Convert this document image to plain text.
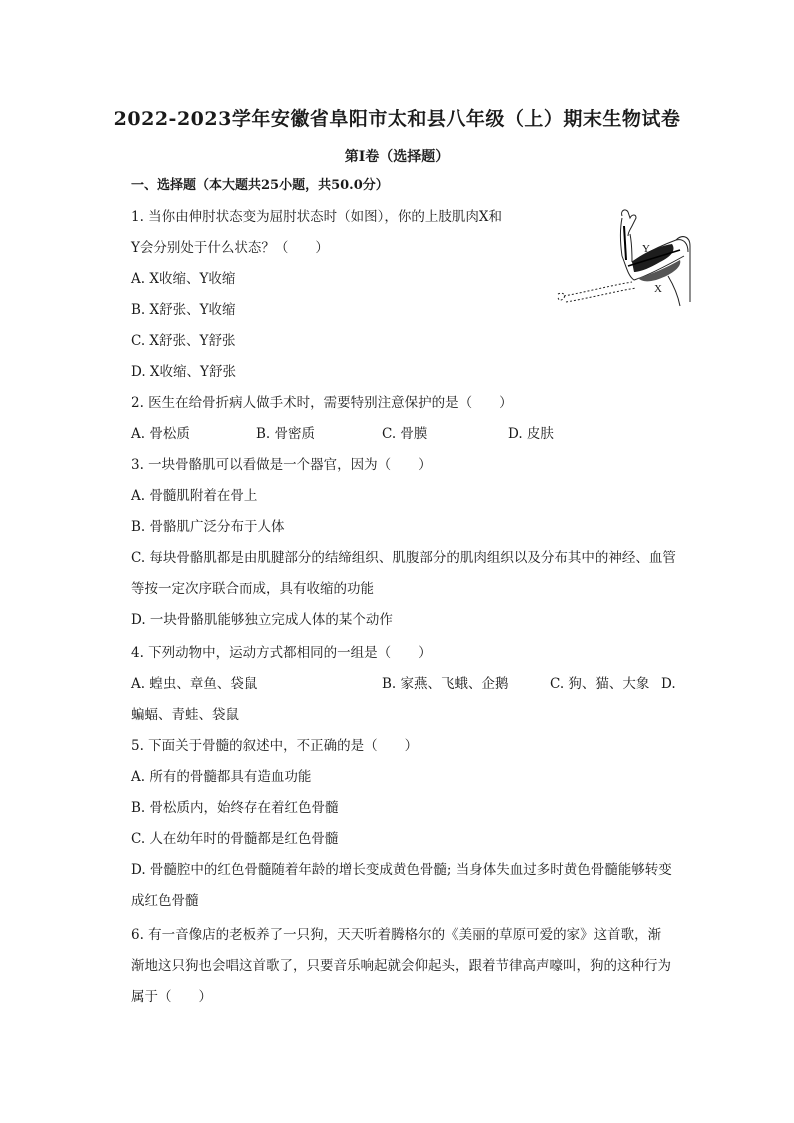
2022-2023学年安徽省阜阳市太和县八年级（上）期末生物试卷
第I卷（选择题）
一、选择题（本大题共25小题，共50.0分）
1. 当你由伸肘状态变为屈肘状态时（如图），你的上肢肌肉X和
Y会分别处于什么状态？（　　）
A. X收缩、Y收缩
B. X舒张、Y收缩
C. X舒张、Y舒张
D. X收缩、Y舒张
Y
X
2. 医生在给骨折病人做手术时，需要特别注意保护的是（　　）
A. 骨松质	B. 骨密质	C. 骨膜	D. 皮肤
3. 一块骨骼肌可以看做是一个器官，因为（　　）
A. 骨髓肌附着在骨上
B. 骨骼肌广泛分布于人体
C. 每块骨骼肌都是由肌腱部分的结缔组织、肌腹部分的肌肉组织以及分布其中的神经、血管
等按一定次序联合而成，具有收缩的功能
D. 一块骨骼肌能够独立完成人体的某个动作
4. 下列动物中，运动方式都相同的一组是（　　）
A. 蝗虫、章鱼、袋鼠	B. 家燕、飞蛾、企鹅	C. 狗、猫、大象 D.
蝙蝠、青蛙、袋鼠
5. 下面关于骨髓的叙述中，不正确的是（　　）
A. 所有的骨髓都具有造血功能
B. 骨松质内，始终存在着红色骨髓
C. 人在幼年时的骨髓都是红色骨髓
D. 骨髓腔中的红色骨髓随着年龄的增长变成黄色骨髓; 当身体失血过多时黄色骨髓能够转变
成红色骨髓
6. 有一音像店的老板养了一只狗，天天听着腾格尔的《美丽的草原可爱的家》这首歌，渐
渐地这只狗也会唱这首歌了，只要音乐响起就会仰起头，跟着节律高声嚎叫，狗的这种行为
属于（　　）
